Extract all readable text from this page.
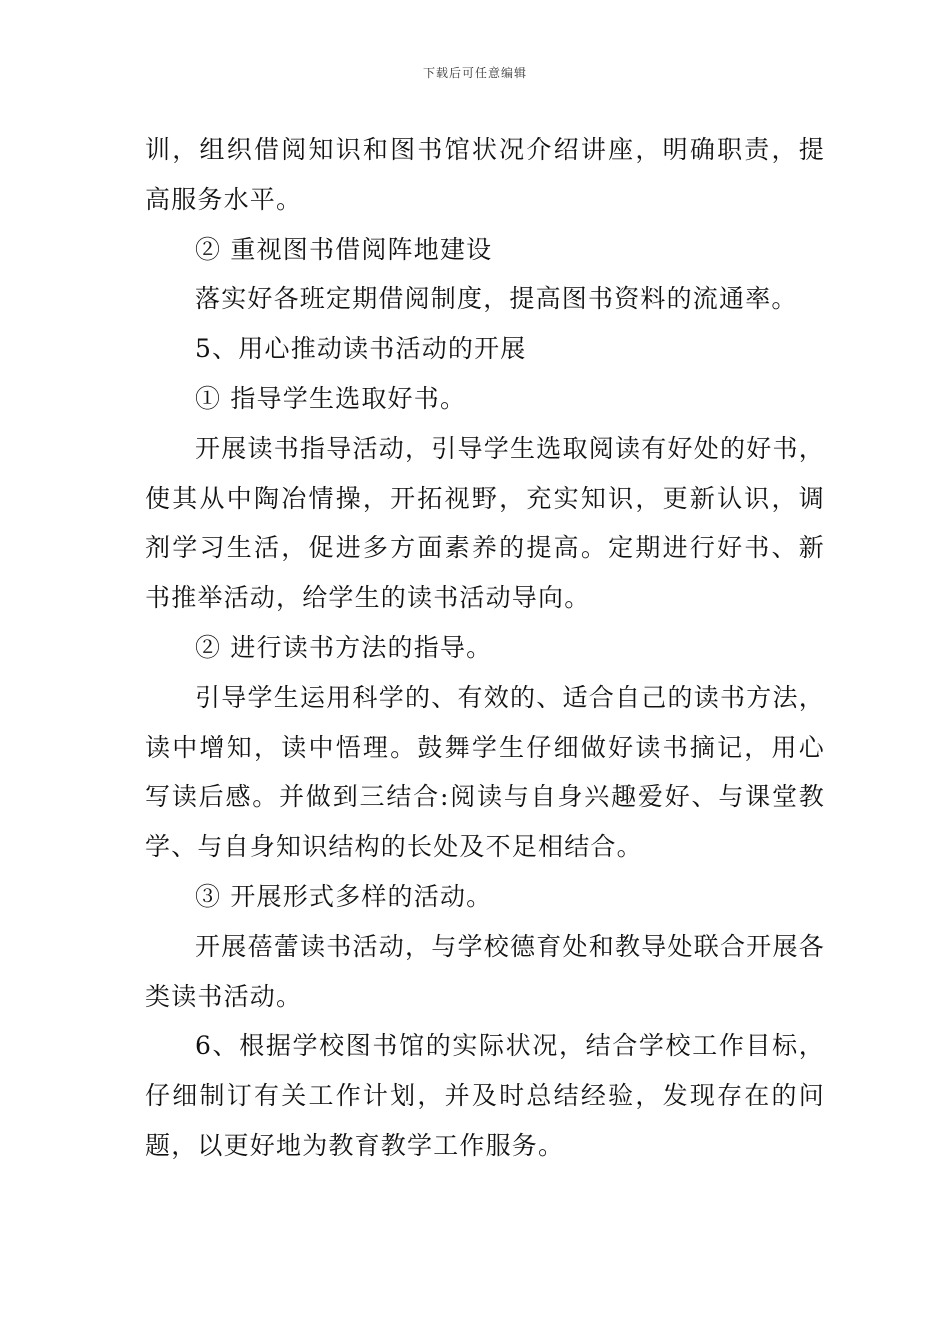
下载后可任意编辑

训，组织借阅知识和图书馆状况介绍讲座，明确职责，提高服务水平。

② 重视图书借阅阵地建设

落实好各班定期借阅制度，提高图书资料的流通率。

5、用心推动读书活动的开展

① 指导学生选取好书。

开展读书指导活动，引导学生选取阅读有好处的好书，使其从中陶冶情操，开拓视野，充实知识，更新认识，调剂学习生活，促进多方面素养的提高。定期进行好书、新书推举活动，给学生的读书活动导向。

② 进行读书方法的指导。

引导学生运用科学的、有效的、适合自己的读书方法，读中增知，读中悟理。鼓舞学生仔细做好读书摘记，用心写读后感。并做到三结合:阅读与自身兴趣爱好、与课堂教学、与自身知识结构的长处及不足相结合。

③ 开展形式多样的活动。

开展蓓蕾读书活动，与学校德育处和教导处联合开展各类读书活动。

6、根据学校图书馆的实际状况，结合学校工作目标，仔细制订有关工作计划，并及时总结经验，发现存在的问题，以更好地为教育教学工作服务。
